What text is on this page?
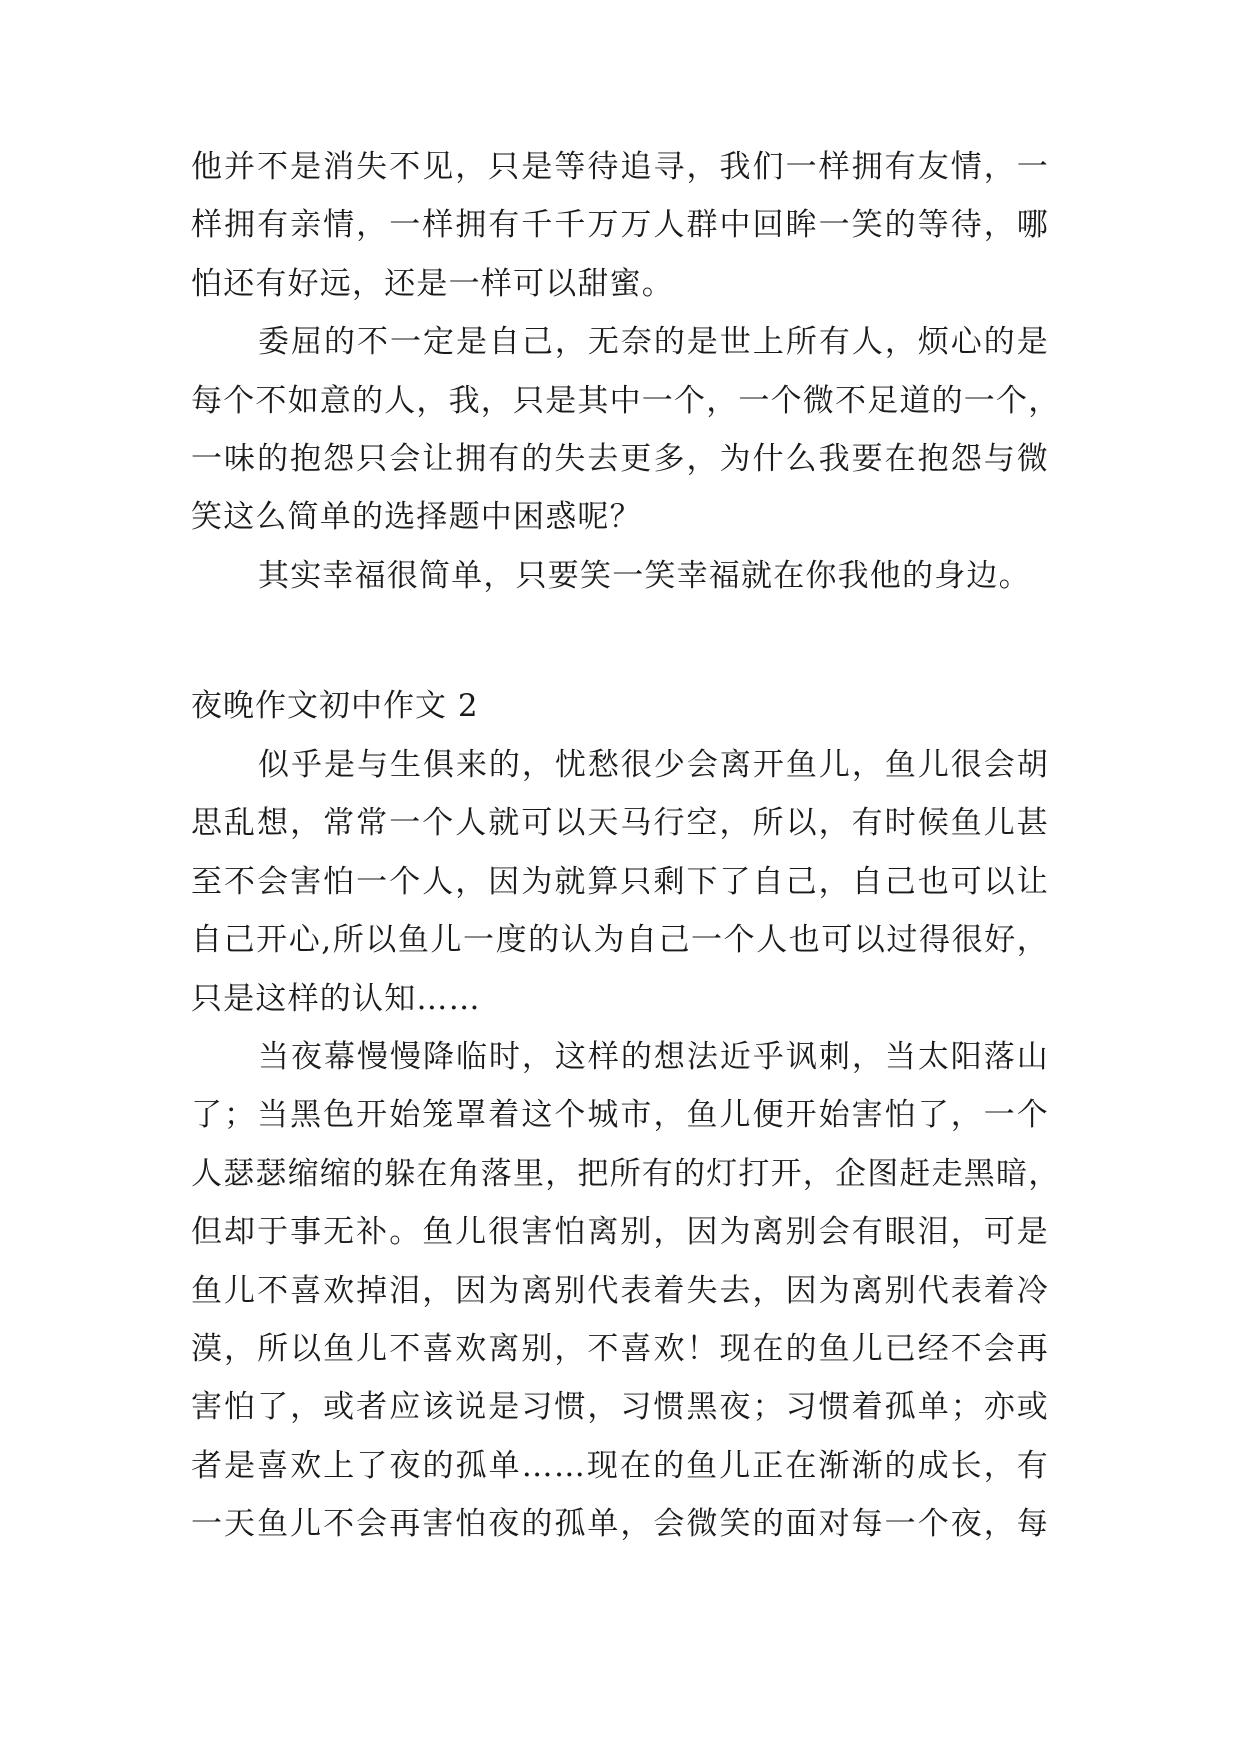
他并不是消失不见，只是等待追寻，我们一样拥有友情，一
样拥有亲情，一样拥有千千万万人群中回眸一笑的等待，哪
怕还有好远，还是一样可以甜蜜。
委屈的不一定是自己，无奈的是世上所有人，烦心的是
每个不如意的人，我，只是其中一个，一个微不足道的一个，
一味的抱怨只会让拥有的失去更多，为什么我要在抱怨与微
笑这么简单的选择题中困惑呢？
其实幸福很简单，只要笑一笑幸福就在你我他的身边。
夜晚作文初中作文 2
似乎是与生俱来的，忧愁很少会离开鱼儿，鱼儿很会胡
思乱想，常常一个人就可以天马行空，所以，有时候鱼儿甚
至不会害怕一个人，因为就算只剩下了自己，自己也可以让
自己开心,所以鱼儿一度的认为自己一个人也可以过得很好，
只是这样的认知……
当夜幕慢慢降临时，这样的想法近乎讽刺，当太阳落山
了；当黑色开始笼罩着这个城市，鱼儿便开始害怕了，一个
人瑟瑟缩缩的躲在角落里，把所有的灯打开，企图赶走黑暗，
但却于事无补。鱼儿很害怕离别，因为离别会有眼泪，可是
鱼儿不喜欢掉泪，因为离别代表着失去，因为离别代表着冷
漠，所以鱼儿不喜欢离别，不喜欢！现在的鱼儿已经不会再
害怕了，或者应该说是习惯，习惯黑夜；习惯着孤单；亦或
者是喜欢上了夜的孤单……现在的鱼儿正在渐渐的成长，有
一天鱼儿不会再害怕夜的孤单，会微笑的面对每一个夜，每
